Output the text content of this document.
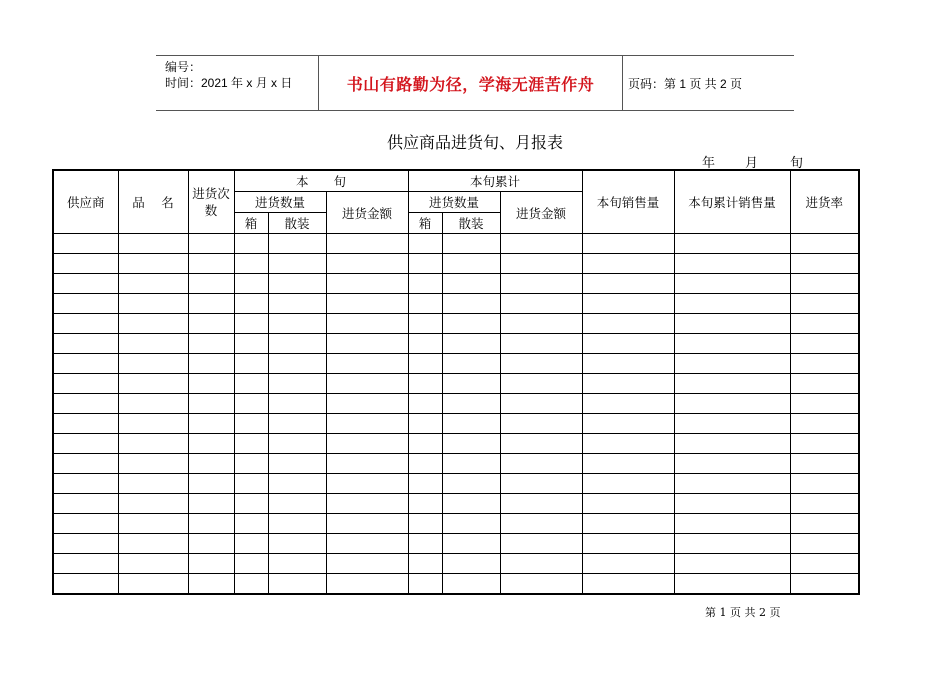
编号：
时间：2021 年 x 月 x 日	书山有路勤为径，学海无涯苦作舟	页码：第 1 页 共 2 页
供应商品进货旬、月报表
年 月 旬
供应商	品　 名	进货次数	本　　旬			本旬累计			本旬销售量	本旬累计销售量	进货率
			进货数量		进货金额	进货数量		进货金额			
			箱	散装		箱	散装				

第 1 页 共 2 页
